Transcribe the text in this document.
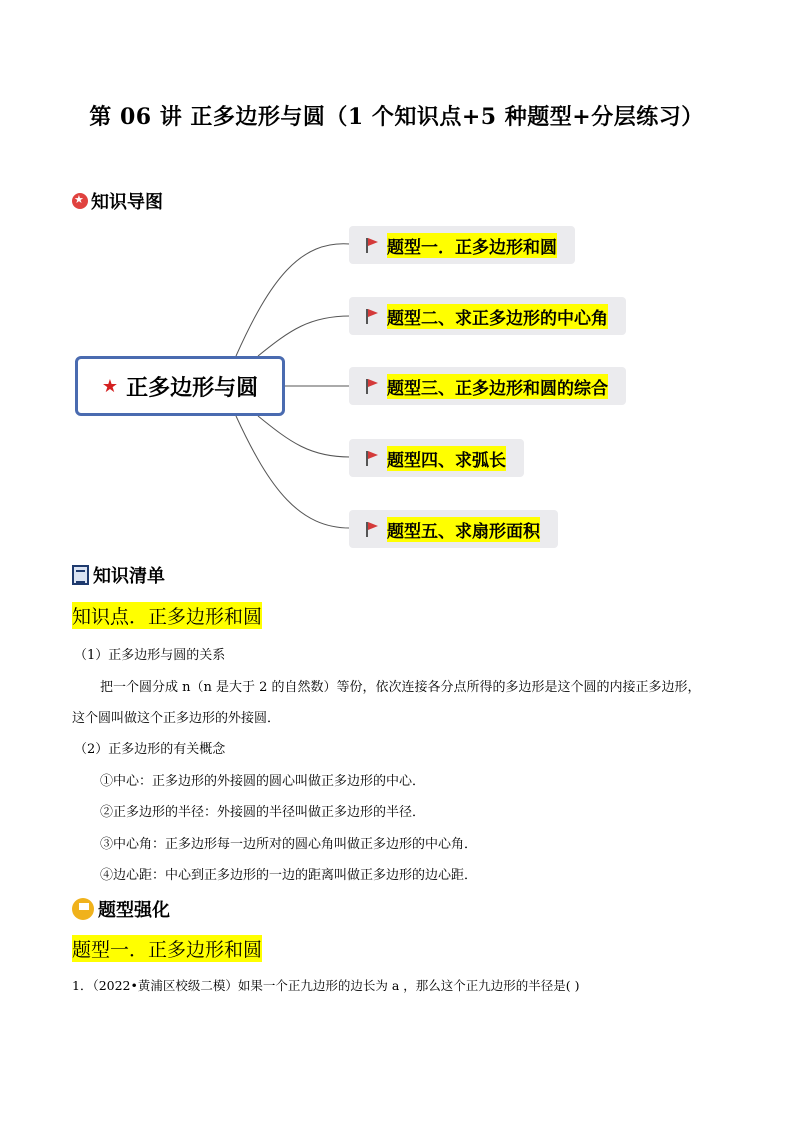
第 06 讲 正多边形与圆（1 个知识点+5 种题型+分层练习）
★
知识导图
★ 正多边形与圆
题型一．正多边形和圆
题型二、求正多边形的中心角
题型三、正多边形和圆的综合
题型四、求弧长
题型五、求扇形面积
知识清单
知识点．正多边形和圆
（1）正多边形与圆的关系
把一个圆分成 n（n 是大于 2 的自然数）等份，依次连接各分点所得的多边形是这个圆的内接正多边形，
这个圆叫做这个正多边形的外接圆．
（2）正多边形的有关概念
①中心：正多边形的外接圆的圆心叫做正多边形的中心．
②正多边形的半径：外接圆的半径叫做正多边形的半径．
③中心角：正多边形每一边所对的圆心角叫做正多边形的中心角．
④边心距：中心到正多边形的一边的距离叫做正多边形的边心距．
题型强化
题型一．正多边形和圆
1．（2022•黄浦区校级二模）如果一个正九边形的边长为 a ，那么这个正九边形的半径是( )
